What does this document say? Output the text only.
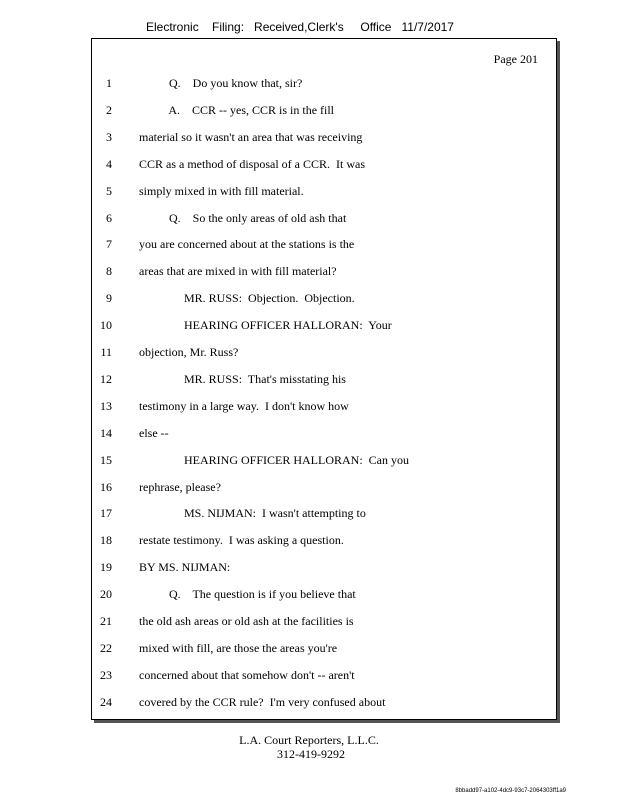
Electronic    Filing:   Received,Clerk's     Office   11/7/2017
Page 201
1 Q.    Do you know that, sir?
2 A.    CCR -- yes, CCR is in the fill
3 material so it wasn't an area that was receiving
4 CCR as a method of disposal of a CCR.  It was
5 simply mixed in with fill material.
6 Q.    So the only areas of old ash that
7 you are concerned about at the stations is the
8 areas that are mixed in with fill material?
9 MR. RUSS:  Objection.  Objection.
10 HEARING OFFICER HALLORAN:  Your
11 objection, Mr. Russ?
12 MR. RUSS:  That's misstating his
13 testimony in a large way.  I don't know how
14 else --
15 HEARING OFFICER HALLORAN:  Can you
16 rephrase, please?
17 MS. NIJMAN:  I wasn't attempting to
18 restate testimony.  I was asking a question.
19 BY MS. NIJMAN:
20 Q.    The question is if you believe that
21 the old ash areas or old ash at the facilities is
22 mixed with fill, are those the areas you're
23 concerned about that somehow don't -- aren't
24 covered by the CCR rule?  I'm very confused about
L.A. Court Reporters, L.L.C.
312-419-9292
8bbadd97-a102-4dc9-93c7-2064303ff1a9
